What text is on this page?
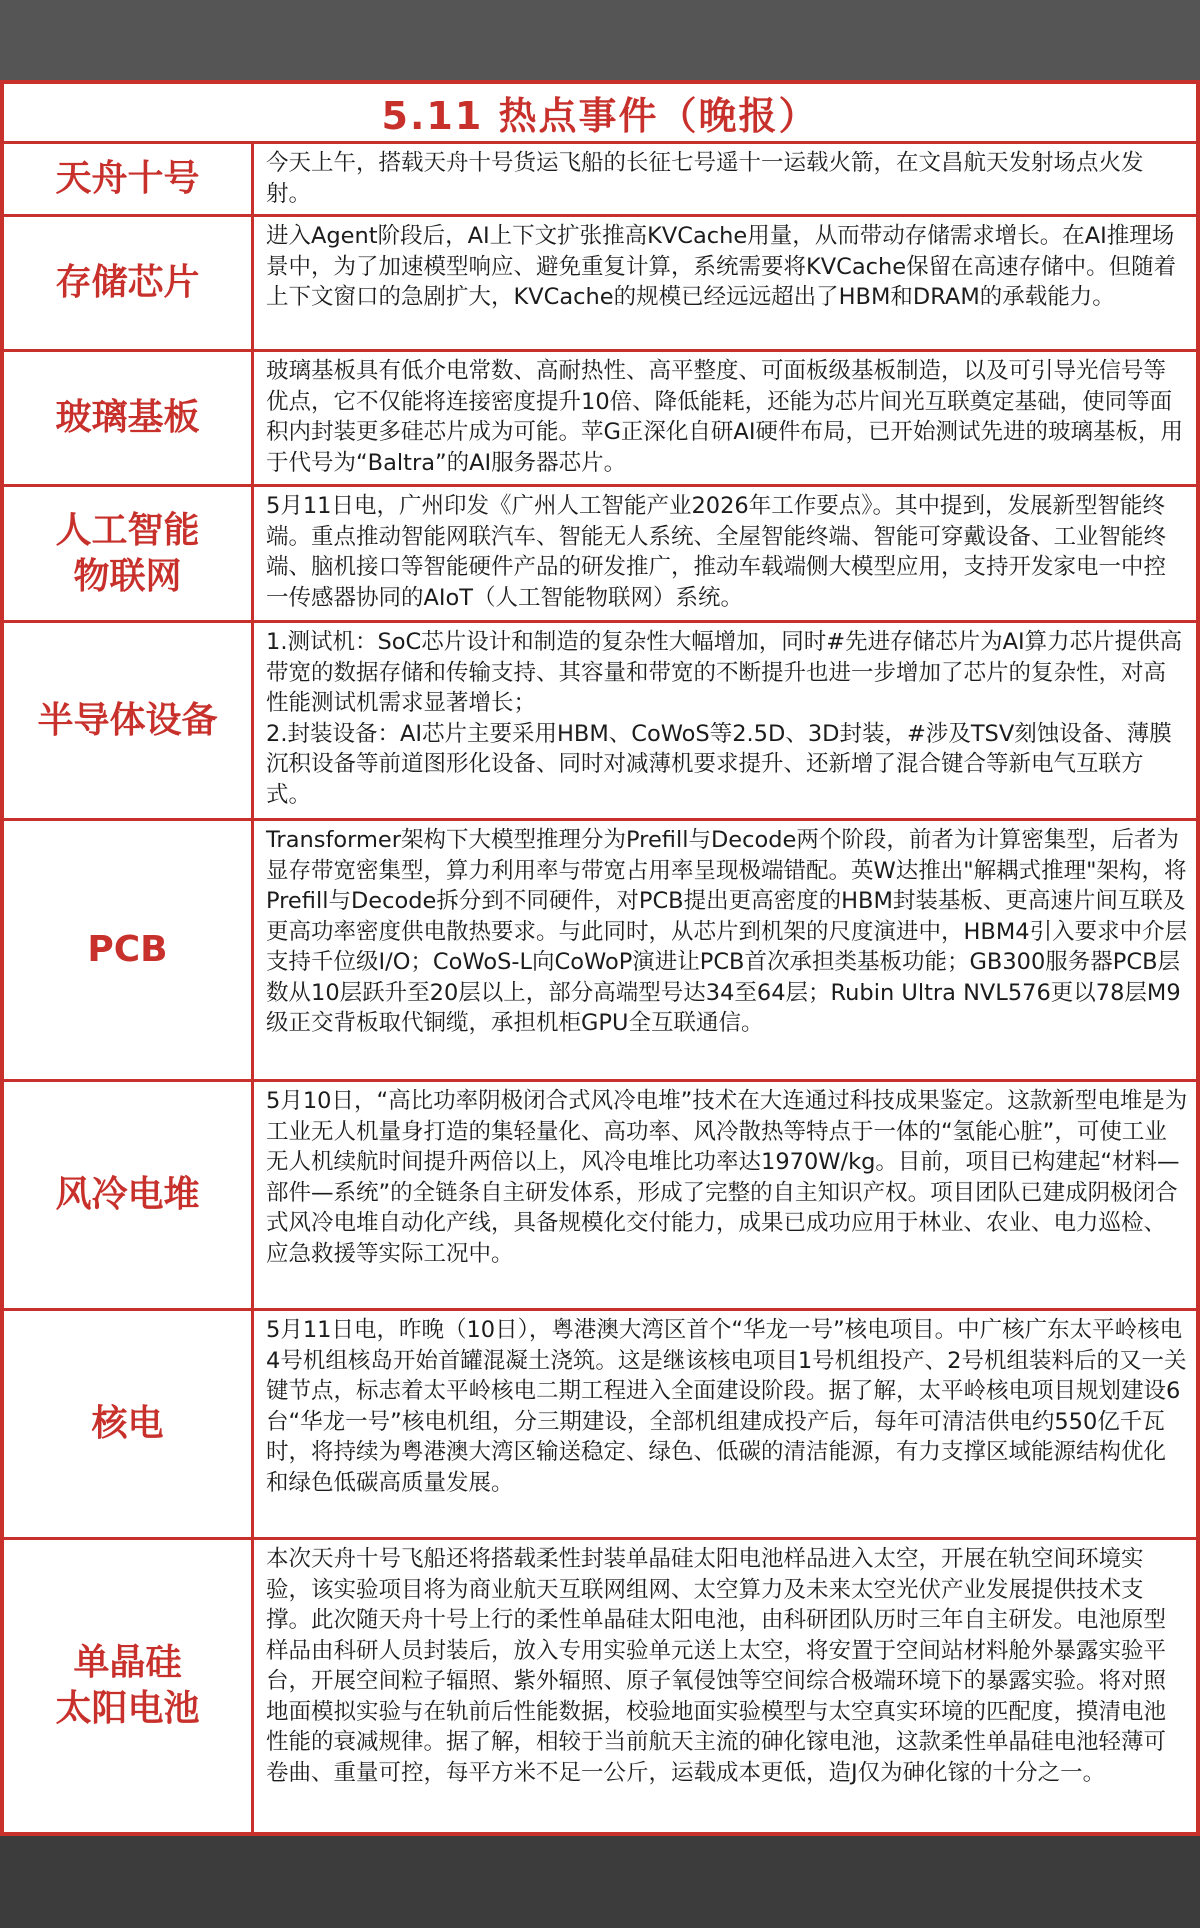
5.11 热点事件（晚报）
天舟十号	今天上午，搭载天舟十号货运飞船的长征七号遥十一运载火箭，在文昌航天发射场点火发射。
存储芯片
进入Agent阶段后，AI上下文扩张推高KVCache用量，从而带动存储需求增长。在AI推理场景中，为了加速模型响应、避免重复计算，系统需要将KVCache保留在高速存储中。但随着上下文窗口的急剧扩大，KVCache的规模已经远远超出了HBM和DRAM的承载能力。
玻璃基板
玻璃基板具有低介电常数、高耐热性、高平整度、可面板级基板制造，以及可引导光信号等优点，它不仅能将连接密度提升10倍、降低能耗，还能为芯片间光互联奠定基础，使同等面积内封装更多硅芯片成为可能。苹G正深化自研AI硬件布局，已开始测试先进的玻璃基板，用于代号为“Baltra”的AI服务器芯片。
人工智能
物联网
5月11日电，广州印发《广州人工智能产业2026年工作要点》。其中提到，发展新型智能终端。重点推动智能网联汽车、智能无人系统、全屋智能终端、智能可穿戴设备、工业智能终端、脑机接口等智能硬件产品的研发推广，推动车载端侧大模型应用，支持开发家电一中控一传感器协同的AIoT（人工智能物联网）系统。
半导体设备
1.测试机：SoC芯片设计和制造的复杂性大幅增加，同时#先进存储芯片为AI算力芯片提供高带宽的数据存储和传输支持、其容量和带宽的不断提升也进一步增加了芯片的复杂性，对高性能测试机需求显著增长；
2.封装设备：AI芯片主要采用HBM、CoWoS等2.5D、3D封装，#涉及TSV刻蚀设备、薄膜沉积设备等前道图形化设备、同时对减薄机要求提升、还新增了混合键合等新电气互联方式。
PCB
Transformer架构下大模型推理分为Prefill与Decode两个阶段，前者为计算密集型，后者为显存带宽密集型，算力利用率与带宽占用率呈现极端错配。英W达推出"解耦式推理"架构，将Prefill与Decode拆分到不同硬件，对PCB提出更高密度的HBM封装基板、更高速片间互联及更高功率密度供电散热要求。与此同时，从芯片到机架的尺度演进中，HBM4引入要求中介层支持千位级I/O；CoWoS-L向CoWoP演进让PCB首次承担类基板功能；GB300服务器PCB层数从10层跃升至20层以上，部分高端型号达34至64层；Rubin Ultra NVL576更以78层M9级正交背板取代铜缆，承担机柜GPU全互联通信。
风冷电堆
5月10日，“高比功率阴极闭合式风冷电堆”技术在大连通过科技成果鉴定。这款新型电堆是为工业无人机量身打造的集轻量化、高功率、风冷散热等特点于一体的“氢能心脏”，可使工业无人机续航时间提升两倍以上，风冷电堆比功率达1970W/kg。目前，项目已构建起“材料—部件—系统”的全链条自主研发体系，形成了完整的自主知识产权。项目团队已建成阴极闭合式风冷电堆自动化产线，具备规模化交付能力，成果已成功应用于林业、农业、电力巡检、应急救援等实际工况中。
核电
5月11日电，昨晚（10日），粤港澳大湾区首个“华龙一号”核电项目。中广核广东太平岭核电4号机组核岛开始首罐混凝土浇筑。这是继该核电项目1号机组投产、2号机组装料后的又一关键节点，标志着太平岭核电二期工程进入全面建设阶段。据了解，太平岭核电项目规划建设6台“华龙一号”核电机组，分三期建设，全部机组建成投产后，每年可清洁供电约550亿千瓦时，将持续为粤港澳大湾区输送稳定、绿色、低碳的清洁能源，有力支撑区域能源结构优化和绿色低碳高质量发展。
单晶硅
太阳电池
本次天舟十号飞船还将搭载柔性封装单晶硅太阳电池样品进入太空，开展在轨空间环境实验，该实验项目将为商业航天互联网组网、太空算力及未来太空光伏产业发展提供技术支撑。此次随天舟十号上行的柔性单晶硅太阳电池，由科研团队历时三年自主研发。电池原型样品由科研人员封装后，放入专用实验单元送上太空，将安置于空间站材料舱外暴露实验平台，开展空间粒子辐照、紫外辐照、原子氧侵蚀等空间综合极端环境下的暴露实验。将对照地面模拟实验与在轨前后性能数据，校验地面实验模型与太空真实环境的匹配度，摸清电池性能的衰减规律。据了解，相较于当前航天主流的砷化镓电池，这款柔性单晶硅电池轻薄可卷曲、重量可控，每平方米不足一公斤，运载成本更低，造J仅为砷化镓的十分之一。
